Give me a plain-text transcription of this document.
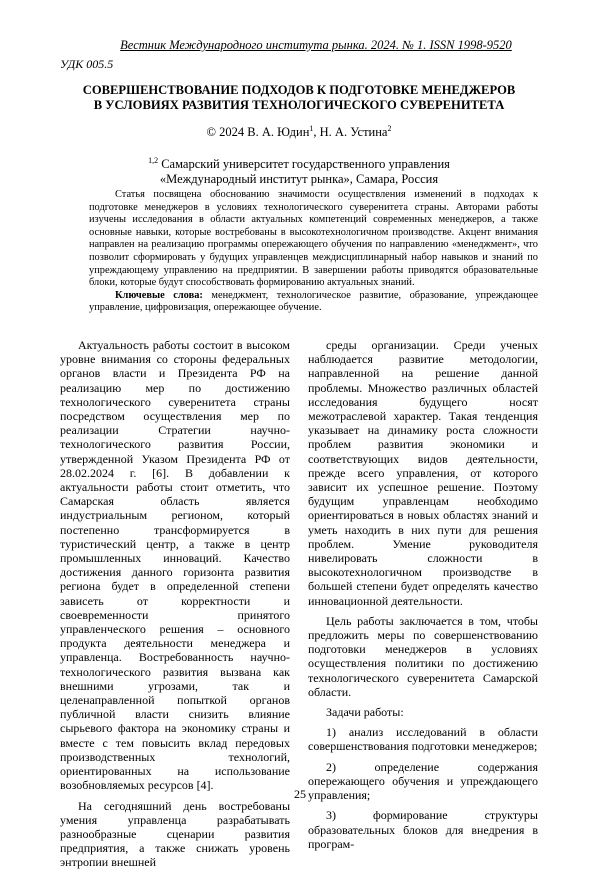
Вестник Международного института рынка. 2024. № 1. ISSN 1998-9520
УДК 005.5
СОВЕРШЕНСТВОВАНИЕ ПОДХОДОВ К ПОДГОТОВКЕ МЕНЕДЖЕРОВ
В УСЛОВИЯХ РАЗВИТИЯ ТЕХНОЛОГИЧЕСКОГО СУВЕРЕНИТЕТА
© 2024 В. А. Юдин$^1$, Н. А. Устина$^2$
$^{1,2}$ Самарский университет государственного управления
«Международный институт рынка», Самара, Россия

Статья посвящена обоснованию значимости осуществления изменений в подходах к подготовке менеджеров в условиях технологического суверенитета страны. Авторами работы изучены исследования в области актуальных компетенций современных менеджеров, а также основные навыки, которые востребованы в высокотехнологичном производстве. Акцент внимания направлен на реализацию программы опережающего обучения по направлению «менеджмент», что позволит сформировать у будущих управленцев междисциплинарный набор навыков и знаний по упреждающему управлению на предприятии. В завершении работы приводятся образовательные блоки, которые будут способствовать формированию актуальных знаний.

Ключевые слова: менеджмент, технологическое развитие, образование, упреждающее управление, цифровизация, опережающее обучение.

Актуальность работы состоит в высоком уровне внимания со стороны федеральных органов власти и Президента РФ на реализацию мер по достижению технологического суверенитета страны посредством осуществления мер по реализации Стратегии научно-технологического развития России, утвержденной Указом Президента РФ от 28.02.2024 г. [6]. В добавлении к актуальности работы стоит отметить, что Самарская область является индустриальным регионом, который постепенно трансформируется в туристический центр, а также в центр промышленных инноваций. Качество достижения данного горизонта развития региона будет в определенной степени зависеть от корректности и своевременности принятого управленческого решения – основного продукта деятельности менеджера и управленца. Востребованность научно-технологического развития вызвана как внешними угрозами, так и целенаправленной попыткой органов публичной власти снизить влияние сырьевого фактора на экономику страны и вместе с тем повысить вклад передовых производственных технологий, ориентированных на использование возобновляемых ресурсов [4].

На сегодняшний день востребованы умения управленца разрабатывать разнообразные сценарии развития предприятия, а также снижать уровень энтропии внешней

среды организации. Среди ученых наблюдается развитие методологии, направленной на решение данной проблемы. Множество различных областей исследования будущего носят межотраслевой характер. Такая тенденция указывает на динамику роста сложности проблем развития экономики и соответствующих видов деятельности, прежде всего управления, от которого зависит их успешное решение. Поэтому будущим управленцам необходимо ориентироваться в новых областях знаний и уметь находить в них пути для решения проблем. Умение руководителя нивелировать сложности в высокотехнологичном производстве в большей степени будет определять качество инновационной деятельности.

Цель работы заключается в том, чтобы предложить меры по совершенствованию подготовки менеджеров в условиях осуществления политики по достижению технологического суверенитета Самарской области.

Задачи работы:

1) анализ исследований в области совершенствования подготовки менеджеров;

2) определение содержания опережающего обучения и упреждающего управления;

3) формирование структуры образовательных блоков для внедрения в програм-

25
